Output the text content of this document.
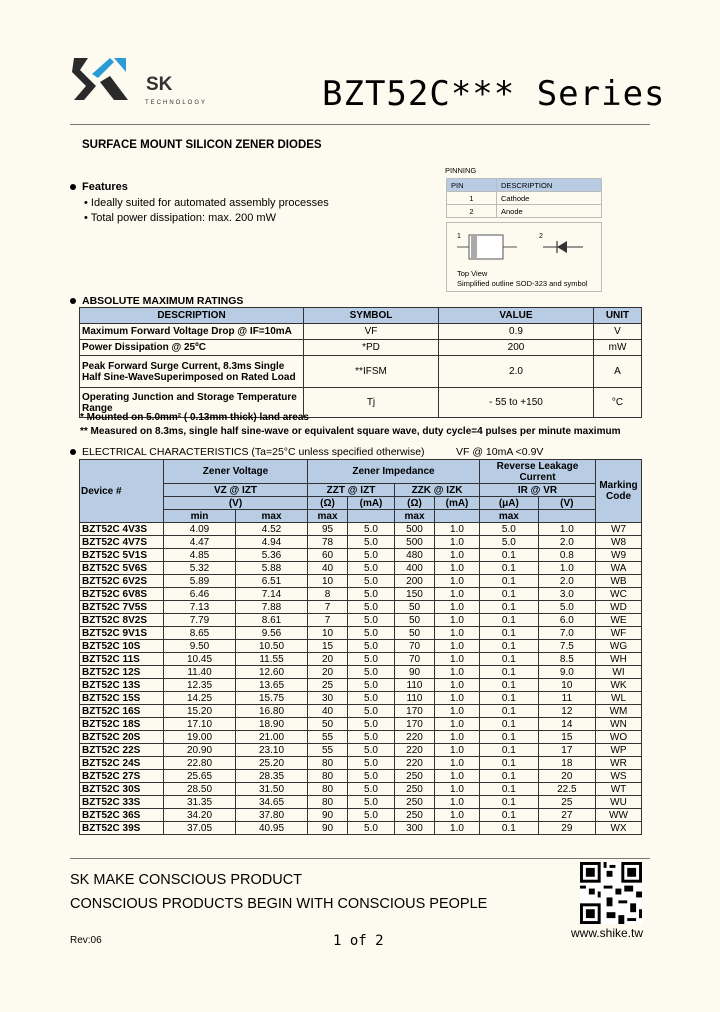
SK
TECHNOLOGY	BZT52C*** Series
SURFACE MOUNT SILICON ZENER DIODES
Features
• Ideally suited for automated assembly processes
• Total power dissipation: max. 200 mW
PINNING
PIN	DESCRIPTION
1	Cathode
2	Anode
1	2
Top View
Simplified outline SOD-323 and symbol
ABSOLUTE MAXIMUM RATINGS
DESCRIPTION	SYMBOL	VALUE	UNIT
Maximum Forward Voltage Drop @ IF=10mA	VF	0.9	V
Power Dissipation @ 25ºC	*PD	200	mW
Peak Forward Surge Current, 8.3ms Single Half Sine-WaveSuperimposed on Rated Load	**IFSM	2.0	A
Operating Junction and Storage Temperature Range	Tj	- 55 to +150	°C
* Mounted on 5.0mm² ( 0.13mm thick) land areas
** Measured on 8.3ms, single half sine-wave or equivalent square wave, duty cycle=4 pulses per minute maximum
ELECTRICAL CHARACTERISTICS (Ta=25°C unless specified otherwise)	VF @ 10mA <0.9V
Device #	Zener Voltage		Zener Impedance				Reverse Leakage Current		Marking Code
	VZ @ IZT		ZZT @ IZT		ZZK @ IZK		IR @ VR		
	(V)		(Ω)	(mA)	(Ω)	(mA)	(μA)	(V)	
	min	max	max		max		max		
BZT52C 4V3S	4.09	4.52	95	5.0	500	1.0	5.0	1.0	W7
BZT52C 4V7S	4.47	4.94	78	5.0	500	1.0	5.0	2.0	W8
BZT52C 5V1S	4.85	5.36	60	5.0	480	1.0	0.1	0.8	W9
BZT52C 5V6S	5.32	5.88	40	5.0	400	1.0	0.1	1.0	WA
BZT52C 6V2S	5.89	6.51	10	5.0	200	1.0	0.1	2.0	WB
BZT52C 6V8S	6.46	7.14	8	5.0	150	1.0	0.1	3.0	WC
BZT52C 7V5S	7.13	7.88	7	5.0	50	1.0	0.1	5.0	WD
BZT52C 8V2S	7.79	8.61	7	5.0	50	1.0	0.1	6.0	WE
BZT52C 9V1S	8.65	9.56	10	5.0	50	1.0	0.1	7.0	WF
BZT52C 10S	9.50	10.50	15	5.0	70	1.0	0.1	7.5	WG
BZT52C 11S	10.45	11.55	20	5.0	70	1.0	0.1	8.5	WH
BZT52C 12S	11.40	12.60	20	5.0	90	1.0	0.1	9.0	WI
BZT52C 13S	12.35	13.65	25	5.0	110	1.0	0.1	10	WK
BZT52C 15S	14.25	15.75	30	5.0	110	1.0	0.1	11	WL
BZT52C 16S	15.20	16.80	40	5.0	170	1.0	0.1	12	WM
BZT52C 18S	17.10	18.90	50	5.0	170	1.0	0.1	14	WN
BZT52C 20S	19.00	21.00	55	5.0	220	1.0	0.1	15	WO
BZT52C 22S	20.90	23.10	55	5.0	220	1.0	0.1	17	WP
BZT52C 24S	22.80	25.20	80	5.0	220	1.0	0.1	18	WR
BZT52C 27S	25.65	28.35	80	5.0	250	1.0	0.1	20	WS
BZT52C 30S	28.50	31.50	80	5.0	250	1.0	0.1	22.5	WT
BZT52C 33S	31.35	34.65	80	5.0	250	1.0	0.1	25	WU
BZT52C 36S	34.20	37.80	90	5.0	250	1.0	0.1	27	WW
BZT52C 39S	37.05	40.95	90	5.0	300	1.0	0.1	29	WX
SK MAKE CONSCIOUS PRODUCT
CONSCIOUS PRODUCTS BEGIN WITH CONSCIOUS PEOPLE
Rev:06	1 of 2	www.shike.tw
